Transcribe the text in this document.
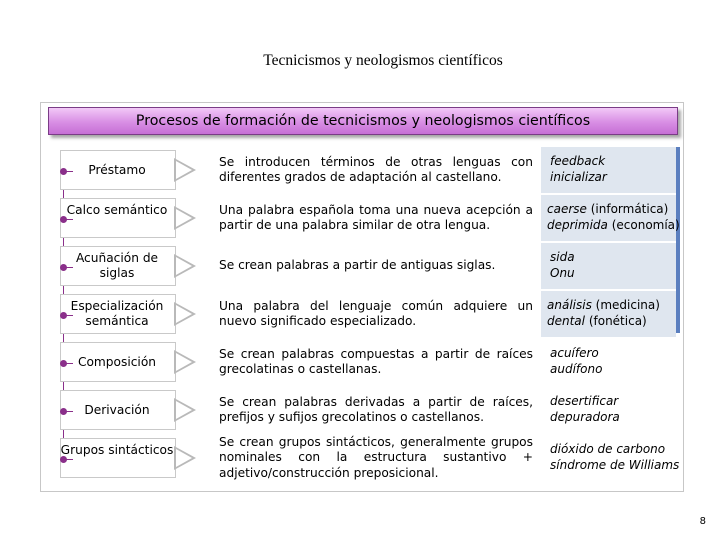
Tecnicismos y neologismos científicos
Procesos de formación de tecnicismos y neologismos científicos
Préstamo
Se introducen términos de otras lenguas con diferentes grados de adaptación al castellano.
feedback
inicializar
Calco semántico	Una palabra española toma una nueva acepción a partir de una palabra similar de otra lengua.
caerse (informática)
deprimida (economía)
Acuñación de siglas
Se crean palabras a partir de antiguas siglas.
sida
Onu
Especialización semántica
Una palabra del lenguaje común adquiere un nuevo significado especializado.
análisis (medicina)
dental (fonética)
Composición
Se crean palabras compuestas a partir de raíces grecolatinas o castellanas.
acuífero
audífono
Derivación
Se crean palabras derivadas a partir de raíces, prefijos y sufijos grecolatinos o castellanos.
desertificar
depuradora
Grupos sintácticos
Se crean grupos sintácticos, generalmente grupos nominales con la estructura sustantivo + adjetivo/construcción preposicional.
dióxido de carbono
síndrome de Williams
8
